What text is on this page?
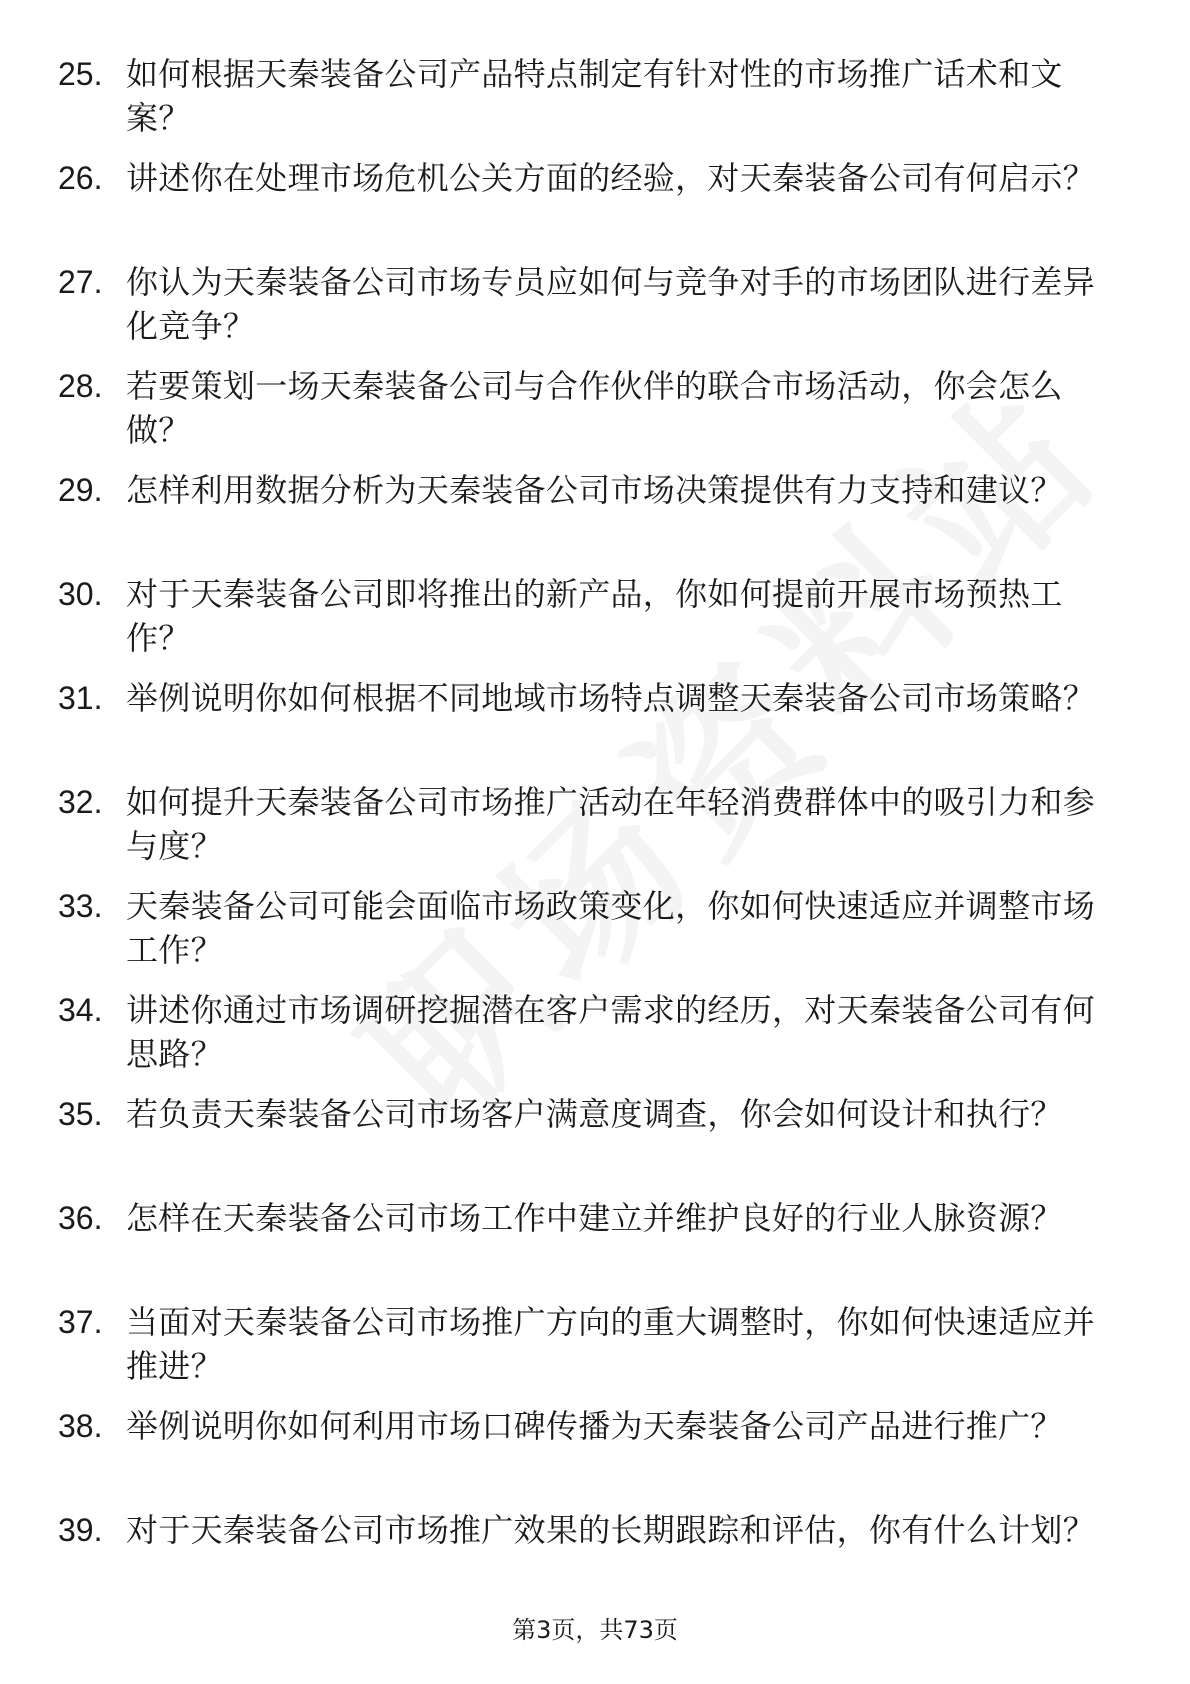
25. 如何根据天秦装备公司产品特点制定有针对性的市场推广话术和文案？
26. 讲述你在处理市场危机公关方面的经验，对天秦装备公司有何启示？
27. 你认为天秦装备公司市场专员应如何与竞争对手的市场团队进行差异化竞争？
28. 若要策划一场天秦装备公司与合作伙伴的联合市场活动，你会怎么做？
29. 怎样利用数据分析为天秦装备公司市场决策提供有力支持和建议？
30. 对于天秦装备公司即将推出的新产品，你如何提前开展市场预热工作？
31. 举例说明你如何根据不同地域市场特点调整天秦装备公司市场策略？
32. 如何提升天秦装备公司市场推广活动在年轻消费群体中的吸引力和参与度？
33. 天秦装备公司可能会面临市场政策变化，你如何快速适应并调整市场工作？
34. 讲述你通过市场调研挖掘潜在客户需求的经历，对天秦装备公司有何思路？
35. 若负责天秦装备公司市场客户满意度调查，你会如何设计和执行？
36. 怎样在天秦装备公司市场工作中建立并维护良好的行业人脉资源？
37. 当面对天秦装备公司市场推广方向的重大调整时，你如何快速适应并推进？
38. 举例说明你如何利用市场口碑传播为天秦装备公司产品进行推广？
39. 对于天秦装备公司市场推广效果的长期跟踪和评估，你有什么计划？
第3页，共73页
